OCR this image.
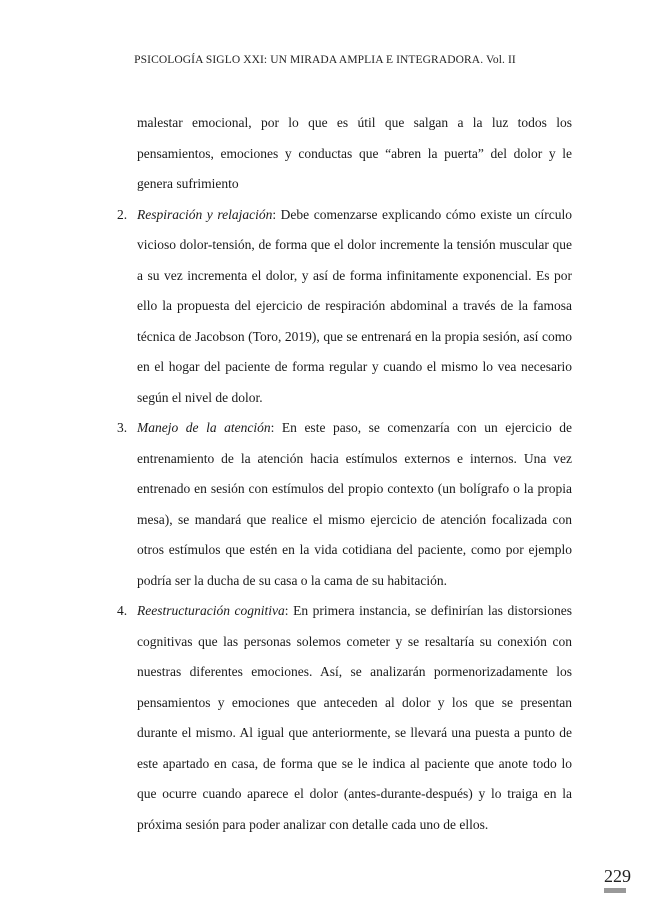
PSICOLOGÍA SIGLO XXI: UN MIRADA AMPLIA E INTEGRADORA. Vol. II

malestar emocional, por lo que es útil que salgan a la luz todos los pensamientos, emociones y conductas que “abren la puerta” del dolor y le genera sufrimiento

2. Respiración y relajación: Debe comenzarse explicando cómo existe un círculo vicioso dolor-tensión, de forma que el dolor incremente la tensión muscular que a su vez incrementa el dolor, y así de forma infinitamente exponencial. Es por ello la propuesta del ejercicio de respiración abdominal a través de la famosa técnica de Jacobson (Toro, 2019), que se entrenará en la propia sesión, así como en el hogar del paciente de forma regular y cuando el mismo lo vea necesario según el nivel de dolor.
3. Manejo de la atención: En este paso, se comenzaría con un ejercicio de entrenamiento de la atención hacia estímulos externos e internos. Una vez entrenado en sesión con estímulos del propio contexto (un bolígrafo o la propia mesa), se mandará que realice el mismo ejercicio de atención focalizada con otros estímulos que estén en la vida cotidiana del paciente, como por ejemplo podría ser la ducha de su casa o la cama de su habitación.
4. Reestructuración cognitiva: En primera instancia, se definirían las distorsiones cognitivas que las personas solemos cometer y se resaltaría su conexión con nuestras diferentes emociones. Así, se analizarán pormenorizadamente los pensamientos y emociones que anteceden al dolor y los que se presentan durante el mismo. Al igual que anteriormente, se llevará una puesta a punto de este apartado en casa, de forma que se le indica al paciente que anote todo lo que ocurre cuando aparece el dolor (antes-durante-después) y lo traiga en la próxima sesión para poder analizar con detalle cada uno de ellos.
229
